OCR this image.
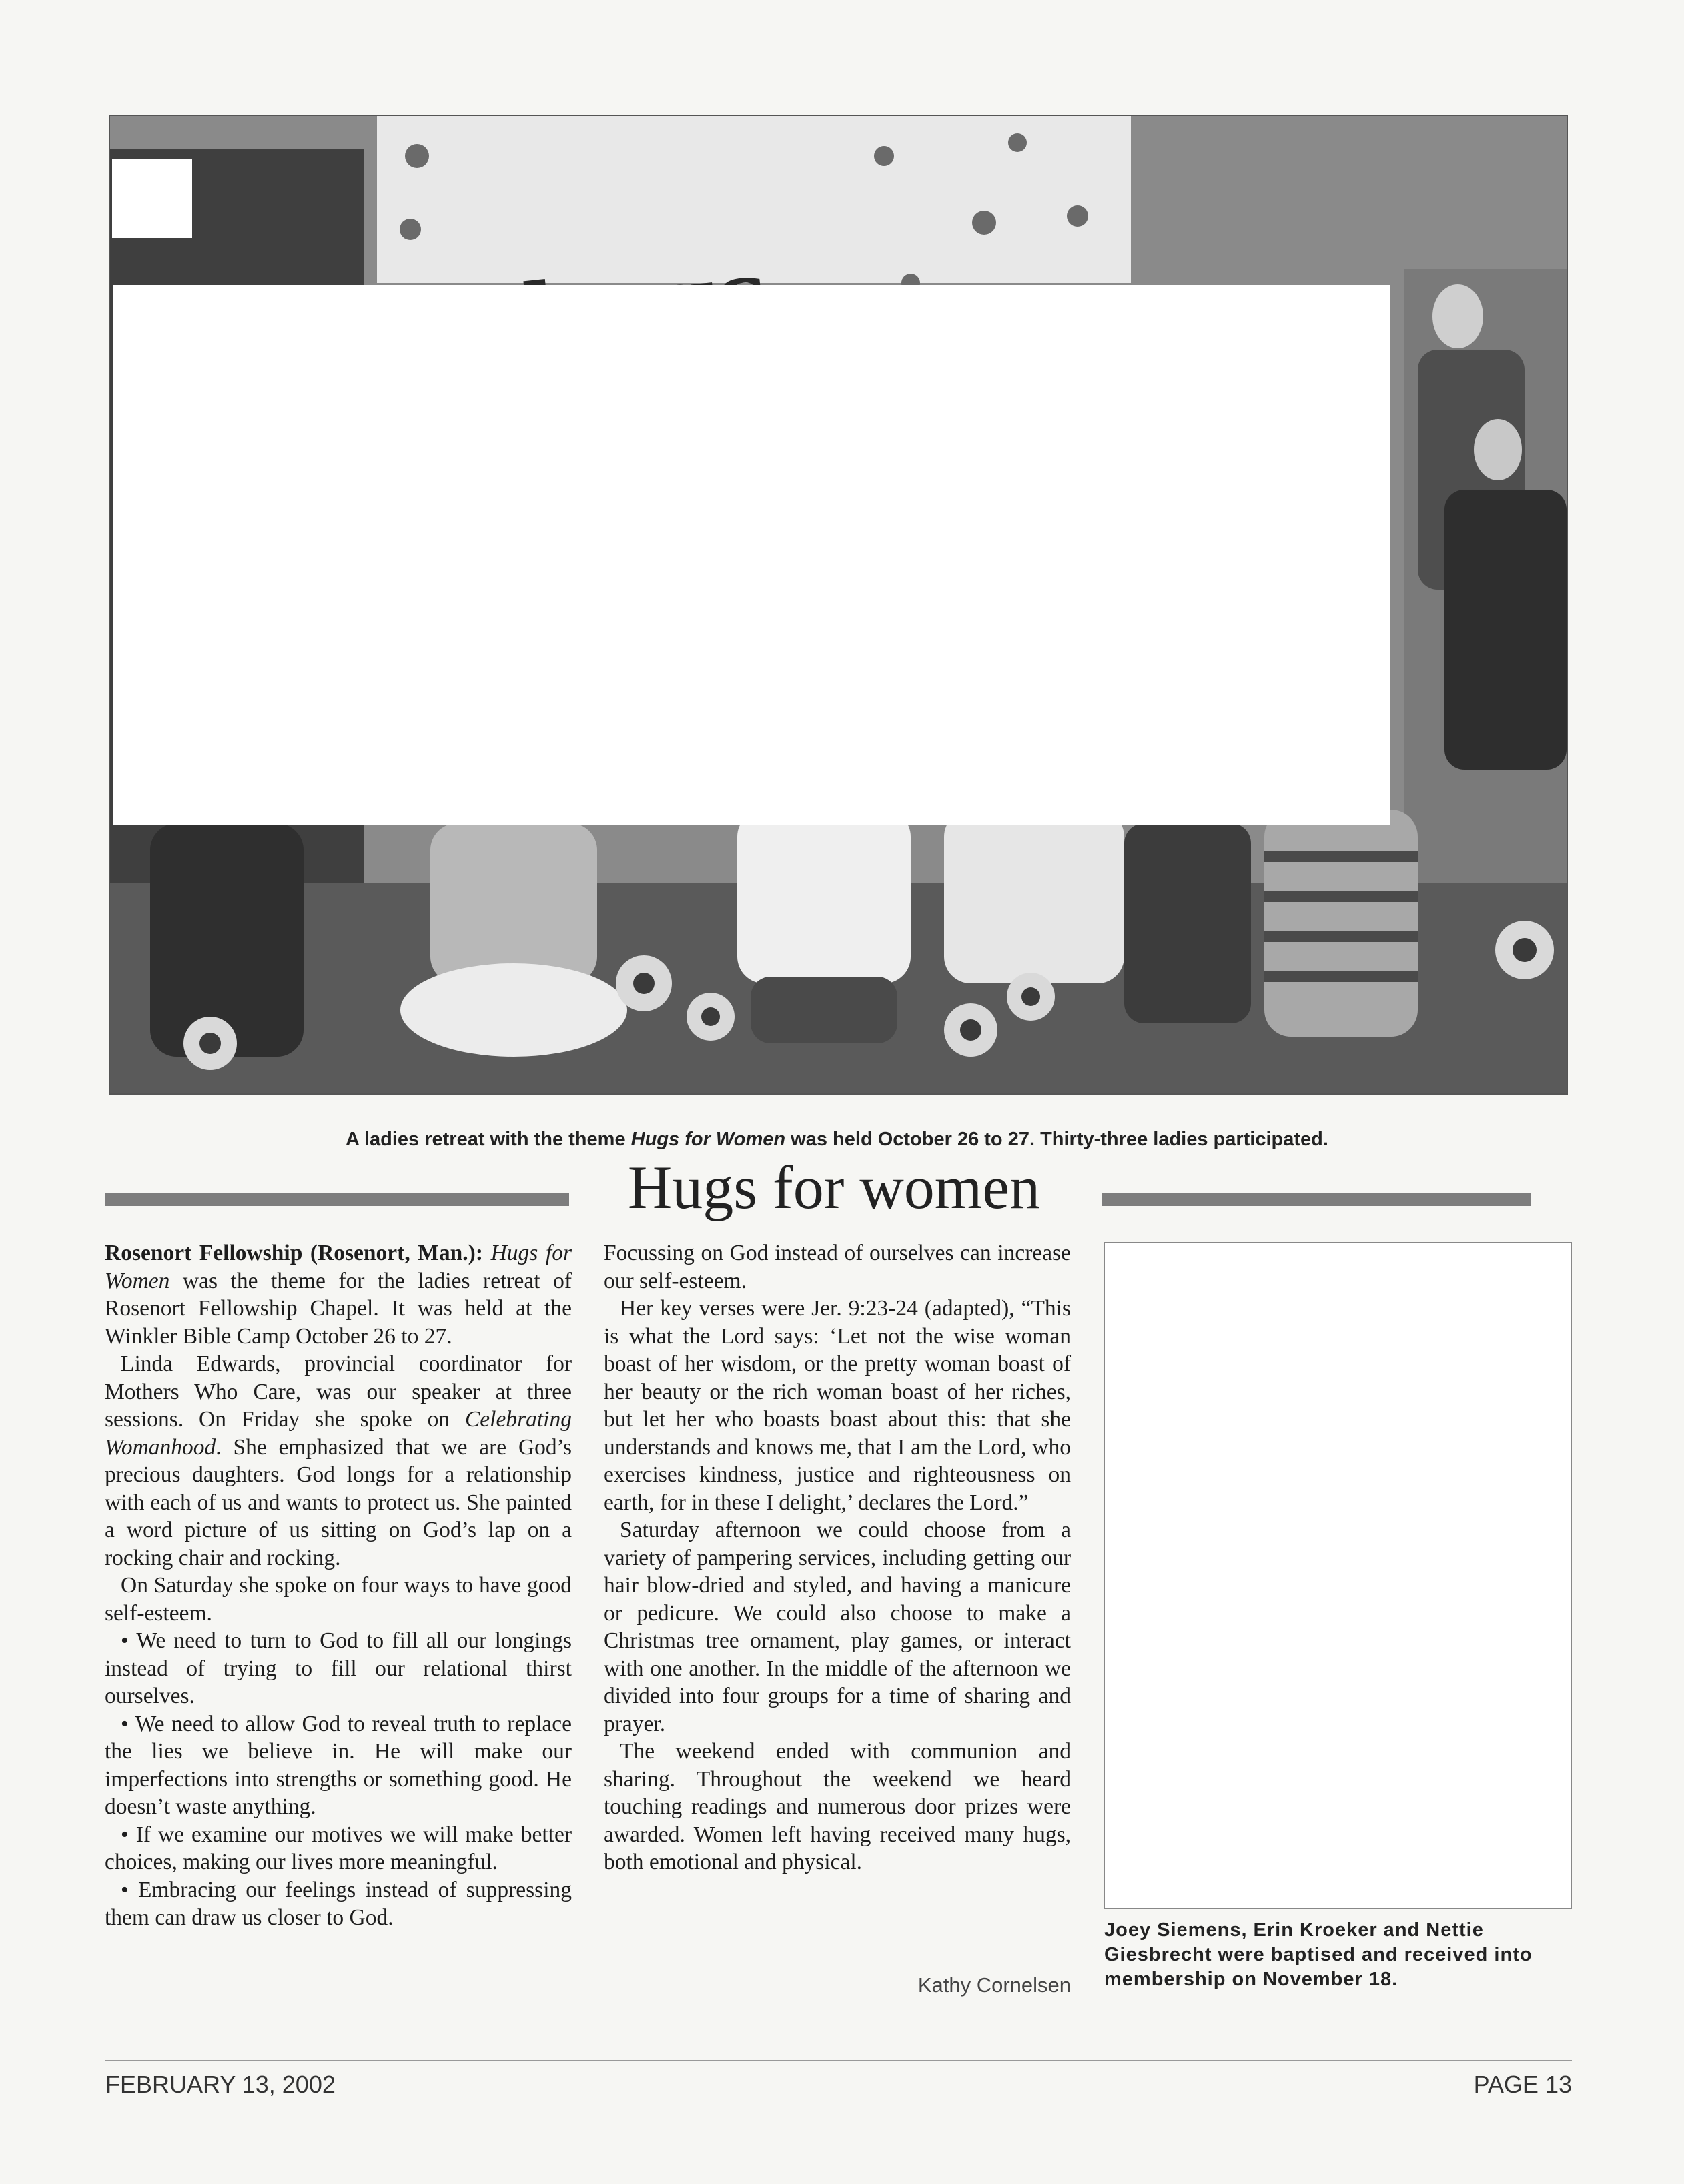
A ladies retreat with the theme Hugs for Women was held October 26 to 27. Thirty-three ladies participated.
Hugs for women

Rosenort Fellowship (Rosenort, Man.): Hugs for Women was the theme for the ladies retreat of Rosenort Fellowship Chapel. It was held at the Winkler Bible Camp October 26 to 27.

Linda Edwards, provincial coordinator for Mothers Who Care, was our speaker at three sessions. On Friday she spoke on Celebrating Womanhood. She emphasized that we are God’s precious daughters. God longs for a relationship with each of us and wants to protect us. She painted a word picture of us sitting on God’s lap on a rocking chair and rocking.

On Saturday she spoke on four ways to have good self-esteem.

• We need to turn to God to fill all our longings instead of trying to fill our relational thirst ourselves.

• We need to allow God to reveal truth to replace the lies we believe in. He will make our imperfections into strengths or something good. He doesn’t waste anything.

• If we examine our motives we will make better choices, making our lives more meaningful.

• Embracing our feelings instead of suppressing them can draw us closer to God.

Focussing on God instead of ourselves can increase our self-esteem.

Her key verses were Jer. 9:23-24 (adapted), “This is what the Lord says: ‘Let not the wise woman boast of her wisdom, or the pretty woman boast of her beauty or the rich woman boast of her riches, but let her who boasts boast about this: that she understands and knows me, that I am the Lord, who exercises kindness, justice and righteousness on earth, for in these I delight,’ declares the Lord.”

Saturday afternoon we could choose from a variety of pampering services, including getting our hair blow-dried and styled, and having a manicure or pedicure. We could also choose to make a Christmas tree ornament, play games, or interact with one another. In the middle of the afternoon we divided into four groups for a time of sharing and prayer.

The weekend ended with communion and sharing. Throughout the weekend we heard touching readings and numerous door prizes were awarded. Women left having received many hugs, both emotional and physical.

Kathy Cornelsen
Joey Siemens, Erin Kroeker and Nettie Giesbrecht were baptised and received into membership on November 18.
FEBRUARY 13, 2002	PAGE 13
